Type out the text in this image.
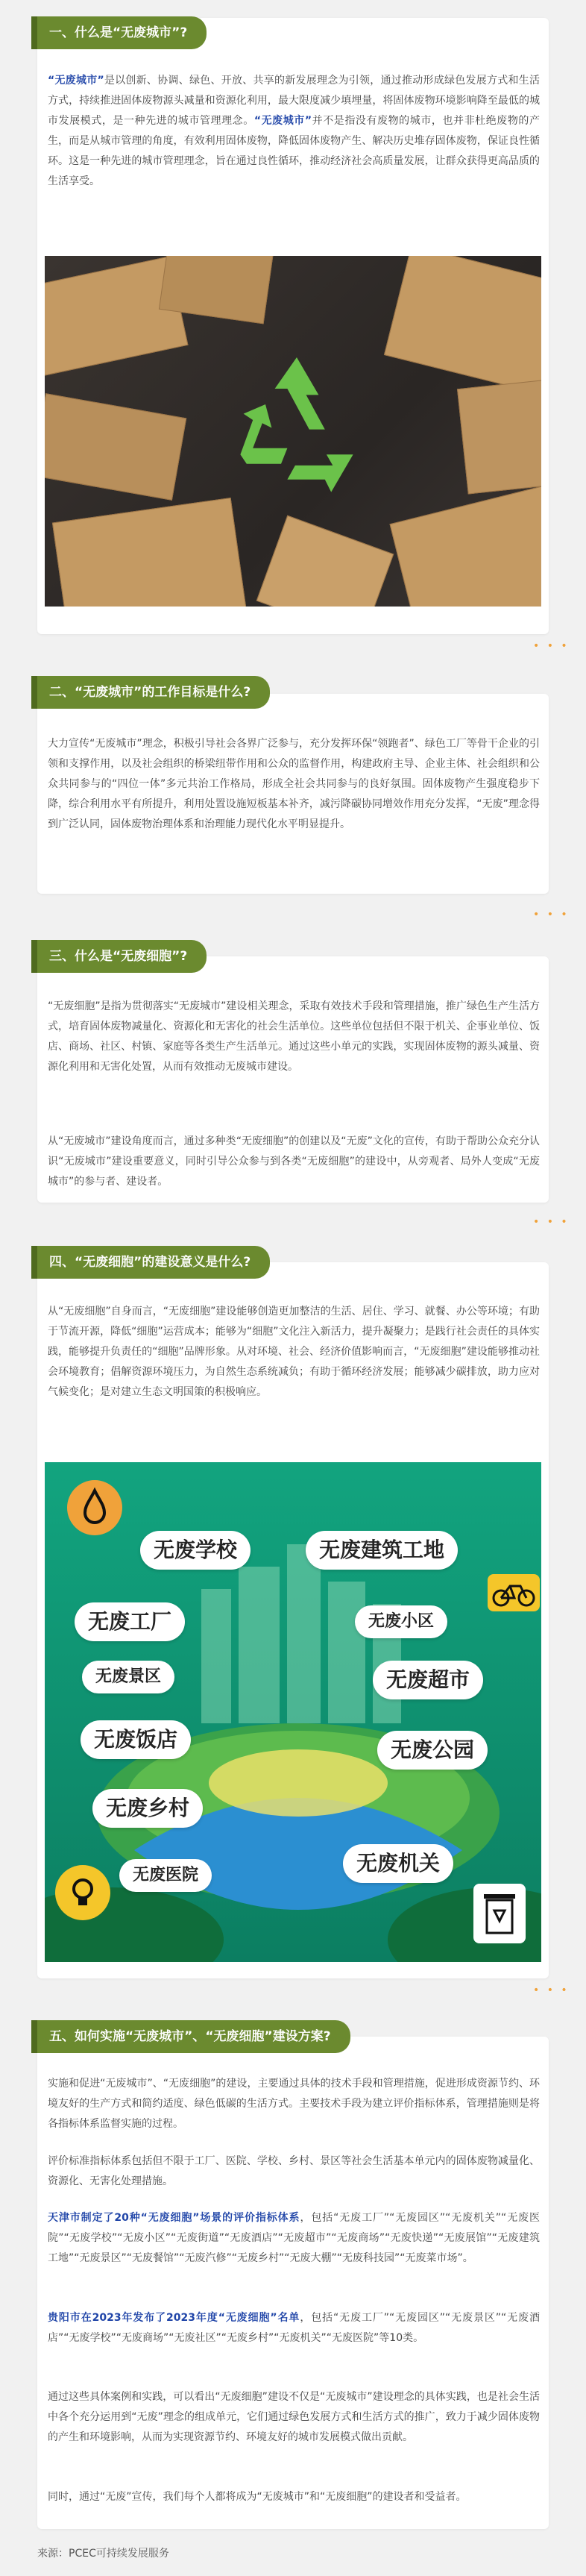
一、什么是“无废城市”?

“无废城市”是以创新、协调、绿色、开放、共享的新发展理念为引领，通过推动形成绿色发展方式和生活方式，持续推进固体废物源头减量和资源化利用，最大限度减少填埋量，将固体废物环境影响降至最低的城市发展模式，是一种先进的城市管理理念。“无废城市”并不是指没有废物的城市，也并非杜绝废物的产生，而是从城市管理的角度，有效利用固体废物，降低固体废物产生、解决历史堆存固体废物，保证良性循环。这是一种先进的城市管理理念，旨在通过良性循环，推动经济社会高质量发展，让群众获得更高品质的生活享受。

• • •
二、“无废城市”的工作目标是什么?

大力宣传“无废城市”理念，积极引导社会各界广泛参与，充分发挥环保“领跑者”、绿色工厂等骨干企业的引领和支撑作用，以及社会组织的桥梁纽带作用和公众的监督作用，构建政府主导、企业主体、社会组织和公众共同参与的“四位一体”多元共治工作格局，形成全社会共同参与的良好氛围。固体废物产生强度稳步下降，综合利用水平有所提升，利用处置设施短板基本补齐，减污降碳协同增效作用充分发挥，“无废”理念得到广泛认同，固体废物治理体系和治理能力现代化水平明显提升。

• • •
三、什么是“无废细胞”?

“无废细胞”是指为贯彻落实“无废城市”建设相关理念，采取有效技术手段和管理措施，推广绿色生产生活方式，培育固体废物减量化、资源化和无害化的社会生活单位。这些单位包括但不限于机关、企事业单位、饭店、商场、社区、村镇、家庭等各类生产生活单元。通过这些小单元的实践，实现固体废物的源头减量、资源化利用和无害化处置，从而有效推动无废城市建设。

从“无废城市”建设角度而言，通过多种类“无废细胞”的创建以及“无废”文化的宣传，有助于帮助公众充分认识“无废城市”建设重要意义，同时引导公众参与到各类“无废细胞”的建设中，从旁观者、局外人变成“无废城市”的参与者、建设者。

• • •
四、“无废细胞”的建设意义是什么?

从“无废细胞”自身而言，“无废细胞”建设能够创造更加整洁的生活、居住、学习、就餐、办公等环境；有助于节流开源，降低“细胞”运营成本；能够为“细胞”文化注入新活力，提升凝聚力；是践行社会责任的具体实践，能够提升负责任的“细胞”品牌形象。从对环境、社会、经济价值影响而言，“无废细胞”建设能够推动社会环境教育；倡解资源环境压力，为自然生态系统减负；有助于循环经济发展；能够减少碳排放，助力应对气候变化；是对建立生态文明国策的积极响应。

无废学校	无废建筑工地
无废工厂	无废小区
无废景区	无废超市
无废饭店	无废公园
无废乡村
无废机关
无废医院
• • •
五、如何实施“无废城市”、“无废细胞”建设方案?

实施和促进“无废城市”、“无废细胞”的建设，主要通过具体的技术手段和管理措施，促进形成资源节约、环境友好的生产方式和简约适度、绿色低碳的生活方式。主要技术手段为建立评价指标体系，管理措施则是将各指标体系监督实施的过程。

评价标准指标体系包括但不限于工厂、医院、学校、乡村、景区等社会生活基本单元内的固体废物减量化、资源化、无害化处理措施。

天津市制定了20种“无废细胞”场景的评价指标体系，包括“无废工厂”“无废园区”“无废机关”“无废医院”“无废学校”“无废小区”“无废街道”“无废酒店”“无废超市”“无废商场”“无废快递”“无废展馆”“无废建筑工地”“无废景区”“无废餐馆”“无废汽修”“无废乡村”“无废大棚”“无废科技园”“无废菜市场”。

贵阳市在2023年发布了2023年度“无废细胞”名单，包括“无废工厂”“无废园区”“无废景区”“无废酒店”“无废学校”“无废商场”“无废社区”“无废乡村”“无废机关”“无废医院”等10类。

通过这些具体案例和实践，可以看出“无废细胞”建设不仅是“无废城市”建设理念的具体实践，也是社会生活中各个充分运用到“无废”理念的组成单元，它们通过绿色发展方式和生活方式的推广，致力于减少固体废物的产生和环境影响，从而为实现资源节约、环境友好的城市发展模式做出贡献。

同时，通过“无废”宣传，我们每个人都将成为“无废城市”和“无废细胞”的建设者和受益者。

来源：PCEC可持续发展服务
